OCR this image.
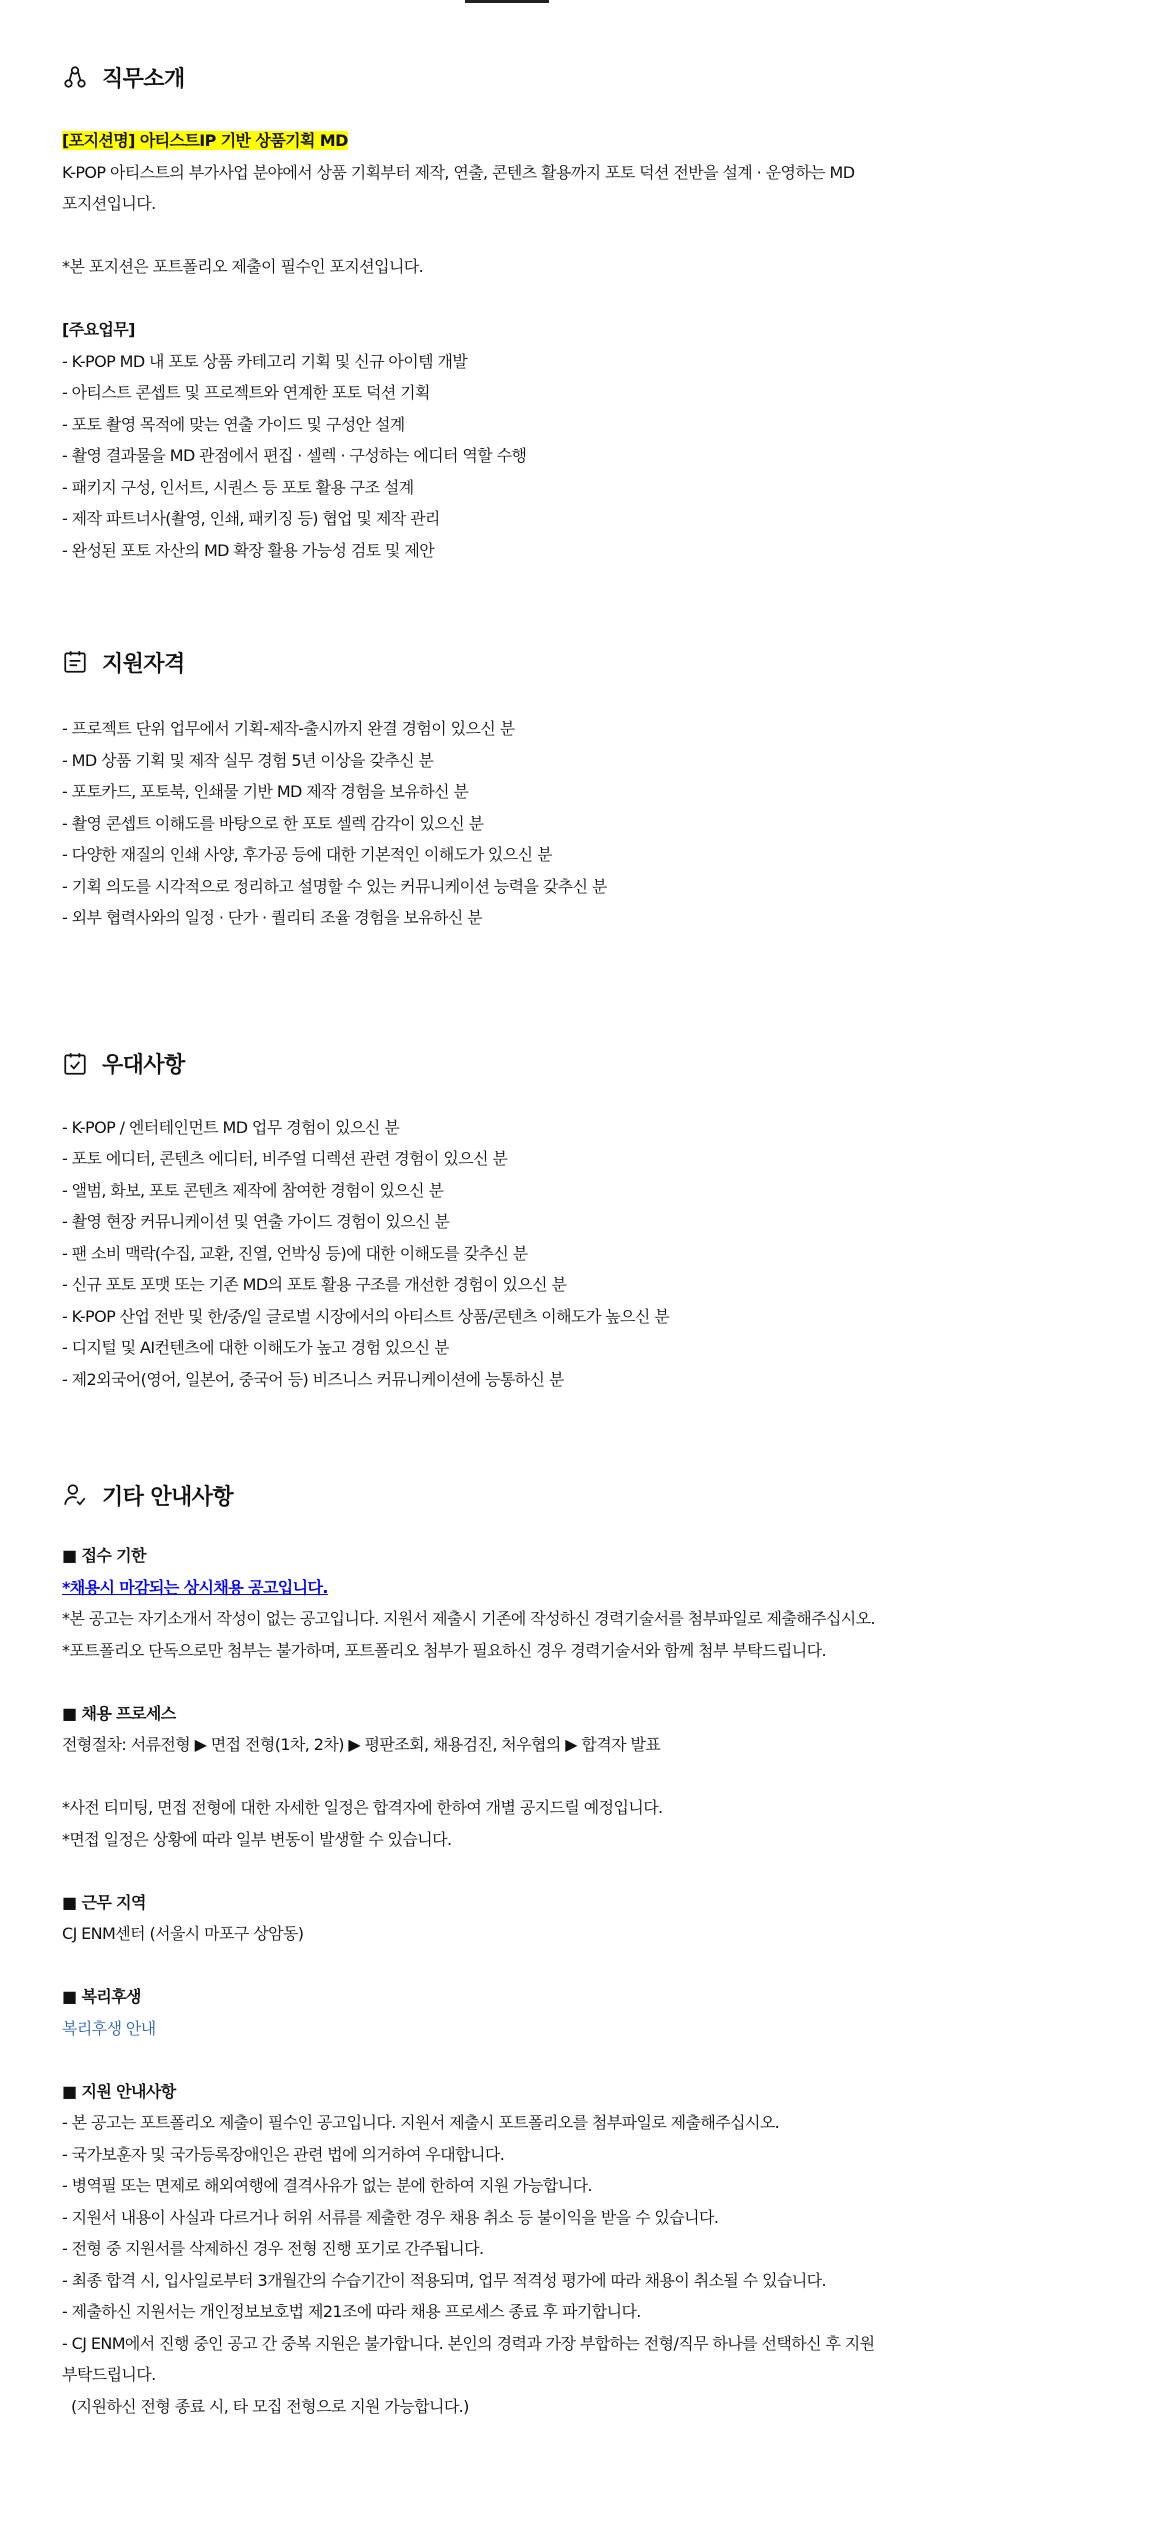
직무소개
[포지션명] 아티스트IP 기반 상품기획 MD
K-POP 아티스트의 부가사업 분야에서 상품 기획부터 제작, 연출, 콘텐츠 활용까지 포토 덕션 전반을 설계 · 운영하는 MD
포지션입니다.
*본 포지션은 포트폴리오 제출이 필수인 포지션입니다.
[주요업무]
- K-POP MD 내 포토 상품 카테고리 기획 및 신규 아이템 개발
- 아티스트 콘셉트 및 프로젝트와 연계한 포토 덕션 기획
- 포토 촬영 목적에 맞는 연출 가이드 및 구성안 설계
- 촬영 결과물을 MD 관점에서 편집 · 셀렉 · 구성하는 에디터 역할 수행
- 패키지 구성, 인서트, 시퀀스 등 포토 활용 구조 설계
- 제작 파트너사(촬영, 인쇄, 패키징 등) 협업 및 제작 관리
- 완성된 포토 자산의 MD 확장 활용 가능성 검토 및 제안
지원자격
- 프로젝트 단위 업무에서 기획-제작-출시까지 완결 경험이 있으신 분
- MD 상품 기획 및 제작 실무 경험 5년 이상을 갖추신 분
- 포토카드, 포토북, 인쇄물 기반 MD 제작 경험을 보유하신 분
- 촬영 콘셉트 이해도를 바탕으로 한 포토 셀렉 감각이 있으신 분
- 다양한 재질의 인쇄 사양, 후가공 등에 대한 기본적인 이해도가 있으신 분
- 기획 의도를 시각적으로 정리하고 설명할 수 있는 커뮤니케이션 능력을 갖추신 분
- 외부 협력사와의 일정 · 단가 · 퀄리티 조율 경험을 보유하신 분
우대사항
- K-POP / 엔터테인먼트 MD 업무 경험이 있으신 분
- 포토 에디터, 콘텐츠 에디터, 비주얼 디렉션 관련 경험이 있으신 분
- 앨범, 화보, 포토 콘텐츠 제작에 참여한 경험이 있으신 분
- 촬영 현장 커뮤니케이션 및 연출 가이드 경험이 있으신 분
- 팬 소비 맥락(수집, 교환, 진열, 언박싱 등)에 대한 이해도를 갖추신 분
- 신규 포토 포맷 또는 기존 MD의 포토 활용 구조를 개선한 경험이 있으신 분
- K-POP 산업 전반 및 한/중/일 글로벌 시장에서의 아티스트 상품/콘텐츠 이해도가 높으신 분
- 디지털 및 AI컨텐츠에 대한 이해도가 높고 경험 있으신 분
- 제2외국어(영어, 일본어, 중국어 등) 비즈니스 커뮤니케이션에 능통하신 분
기타 안내사항
■ 접수 기한
*채용시 마감되는 상시채용 공고입니다.
*본 공고는 자기소개서 작성이 없는 공고입니다. 지원서 제출시 기존에 작성하신 경력기술서를 첨부파일로 제출해주십시오.
*포트폴리오 단독으로만 첨부는 불가하며, 포트폴리오 첨부가 필요하신 경우 경력기술서와 함께 첨부 부탁드립니다.
■ 채용 프로세스
전형절차: 서류전형 ▶ 면접 전형(1차, 2차) ▶ 평판조회, 채용검진, 처우협의 ▶ 합격자 발표
*사전 티미팅, 면접 전형에 대한 자세한 일정은 합격자에 한하여 개별 공지드릴 예정입니다.
*면접 일정은 상황에 따라 일부 변동이 발생할 수 있습니다.
■ 근무 지역
CJ ENM센터 (서울시 마포구 상암동)
■ 복리후생
복리후생 안내
■ 지원 안내사항
- 본 공고는 포트폴리오 제출이 필수인 공고입니다. 지원서 제출시 포트폴리오를 첨부파일로 제출해주십시오.
- 국가보훈자 및 국가등록장애인은 관련 법에 의거하여 우대합니다.
- 병역필 또는 면제로 해외여행에 결격사유가 없는 분에 한하여 지원 가능합니다.
- 지원서 내용이 사실과 다르거나 허위 서류를 제출한 경우 채용 취소 등 불이익을 받을 수 있습니다.
- 전형 중 지원서를 삭제하신 경우 전형 진행 포기로 간주됩니다.
- 최종 합격 시, 입사일로부터 3개월간의 수습기간이 적용되며, 업무 적격성 평가에 따라 채용이 취소될 수 있습니다.
- 제출하신 지원서는 개인정보보호법 제21조에 따라 채용 프로세스 종료 후 파기합니다.
- CJ ENM에서 진행 중인 공고 간 중복 지원은 불가합니다. 본인의 경력과 가장 부합하는 전형/직무 하나를 선택하신 후 지원
부탁드립니다.
(지원하신 전형 종료 시, 타 모집 전형으로 지원 가능합니다.)
